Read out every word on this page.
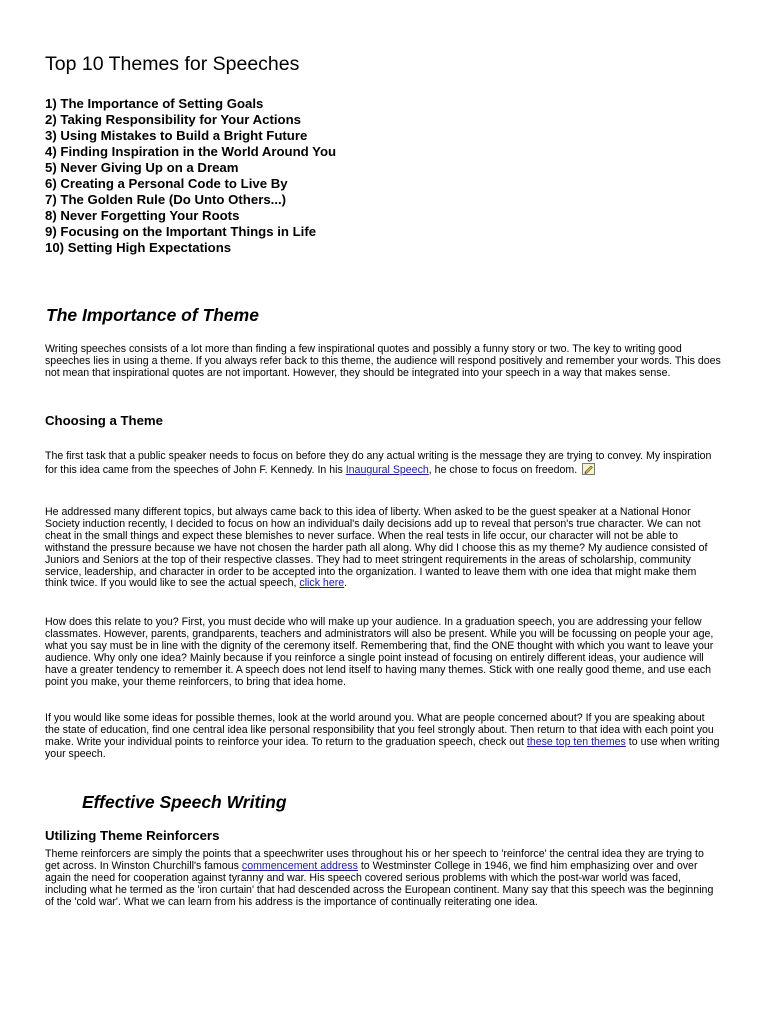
Top 10 Themes for Speeches
1) The Importance of Setting Goals
2) Taking Responsibility for Your Actions
3) Using Mistakes to Build a Bright Future
4) Finding Inspiration in the World Around You
5) Never Giving Up on a Dream
6) Creating a Personal Code to Live By
7) The Golden Rule (Do Unto Others...)
8) Never Forgetting Your Roots
9) Focusing on the Important Things in Life
10) Setting High Expectations
The Importance of Theme

Writing speeches consists of a lot more than finding a few inspirational quotes and possibly a funny story or two. The key to writing good speeches lies in using a theme. If you always refer back to this theme, the audience will respond positively and remember your words. This does not mean that inspirational quotes are not important. However, they should be integrated into your speech in a way that makes sense.

Choosing a Theme

The first task that a public speaker needs to focus on before they do any actual writing is the message they are trying to convey. My inspiration for this idea came from the speeches of John F. Kennedy. In his Inaugural Speech, he chose to focus on freedom.

He addressed many different topics, but always came back to this idea of liberty. When asked to be the guest speaker at a National Honor Society induction recently, I decided to focus on how an individual's daily decisions add up to reveal that person's true character. We can not cheat in the small things and expect these blemishes to never surface. When the real tests in life occur, our character will not be able to withstand the pressure because we have not chosen the harder path all along. Why did I choose this as my theme? My audience consisted of Juniors and Seniors at the top of their respective classes. They had to meet stringent requirements in the areas of scholarship, community service, leadership, and character in order to be accepted into the organization. I wanted to leave them with one idea that might make them think twice. If you would like to see the actual speech, click here.

How does this relate to you? First, you must decide who will make up your audience. In a graduation speech, you are addressing your fellow classmates. However, parents, grandparents, teachers and administrators will also be present. While you will be focussing on people your age, what you say must be in line with the dignity of the ceremony itself. Remembering that, find the ONE thought with which you want to leave your audience. Why only one idea? Mainly because if you reinforce a single point instead of focusing on entirely different ideas, your audience will have a greater tendency to remember it. A speech does not lend itself to having many themes. Stick with one really good theme, and use each point you make, your theme reinforcers, to bring that idea home.

If you would like some ideas for possible themes, look at the world around you. What are people concerned about? If you are speaking about the state of education, find one central idea like personal responsibility that you feel strongly about. Then return to that idea with each point you make. Write your individual points to reinforce your idea. To return to the graduation speech, check out these top ten themes to use when writing your speech.

Effective Speech Writing
Utilizing Theme Reinforcers

Theme reinforcers are simply the points that a speechwriter uses throughout his or her speech to 'reinforce' the central idea they are trying to get across. In Winston Churchill's famous commencement address to Westminster College in 1946, we find him emphasizing over and over again the need for cooperation against tyranny and war. His speech covered serious problems with which the post-war world was faced, including what he termed as the 'iron curtain' that had descended across the European continent. Many say that this speech was the beginning of the 'cold war'. What we can learn from his address is the importance of continually reiterating one idea.
